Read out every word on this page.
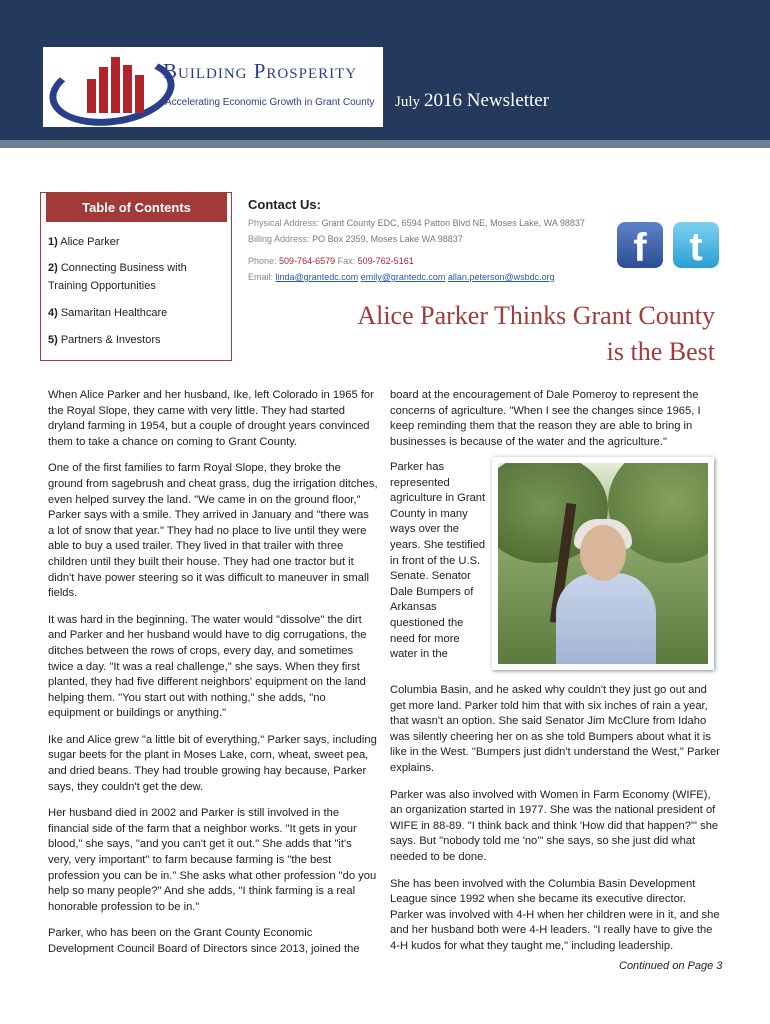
Building Prosperity
Accelerating Economic Growth in Grant County July 2016 Newsletter
Table of Contents
1) Alice Parker
2) Connecting Business with Training Opportunities
4) Samaritan Healthcare
5) Partners & Investors
Contact Us:
Physical Address: Grant County EDC, 6594 Patton Blvd NE, Moses Lake, WA 98837
Billing Address: PO Box 2359, Moses Lake WA 98837
Phone: 509-764-6579 Fax: 509-762-5161
Email: linda@grantedc.com emily@grantedc.com allan.peterson@wsbdc.org
f	t
Alice Parker Thinks Grant County
is the Best

When Alice Parker and her husband, Ike, left Colorado in 1965 for the Royal Slope, they came with very little. They had started dryland farming in 1954, but a couple of drought years convinced them to take a chance on coming to Grant County.

One of the first families to farm Royal Slope, they broke the ground from sagebrush and cheat grass, dug the irrigation ditches, even helped survey the land. "We came in on the ground floor," Parker says with a smile. They arrived in January and "there was a lot of snow that year." They had no place to live until they were able to buy a used trailer. They lived in that trailer with three children until they built their house. They had one tractor but it didn't have power steering so it was difficult to maneuver in small fields.

It was hard in the beginning. The water would "dissolve" the dirt and Parker and her husband would have to dig corrugations, the ditches between the rows of crops, every day, and sometimes twice a day. "It was a real challenge," she says. When they first planted, they had five different neighbors' equipment on the land helping them. "You start out with nothing," she adds, "no equipment or buildings or anything."

Ike and Alice grew "a little bit of everything," Parker says, including sugar beets for the plant in Moses Lake, corn, wheat, sweet pea, and dried beans. They had trouble growing hay because, Parker says, they couldn't get the dew.

Her husband died in 2002 and Parker is still involved in the financial side of the farm that a neighbor works. "It gets in your blood," she says, "and you can't get it out." She adds that "it's very, very important" to farm because farming is "the best profession you can be in." She asks what other profession "do you help so many people?" And she adds, "I think farming is a real honorable profession to be in."

Parker, who has been on the Grant County Economic Development Council Board of Directors since 2013, joined the

board at the encouragement of Dale Pomeroy to represent the concerns of agriculture. "When I see the changes since 1965, I keep reminding them that the reason they are able to bring in businesses is because of the water and the agriculture."
Parker has represented agriculture in Grant County in many ways over the years. She testified in front of the U.S. Senate. Senator Dale Bumpers of Arkansas questioned the need for more water in the

Columbia Basin, and he asked why couldn't they just go out and get more land. Parker told him that with six inches of rain a year, that wasn't an option. She said Senator Jim McClure from Idaho was silently cheering her on as she told Bumpers about what it is like in the West. "Bumpers just didn't understand the West," Parker explains.

Parker was also involved with Women in Farm Economy (WIFE), an organization started in 1977. She was the national president of WIFE in 88-89. "I think back and think 'How did that happen?'" she says. But "nobody told me 'no'" she says, so she just did what needed to be done.

She has been involved with the Columbia Basin Development League since 1992 when she became its executive director. Parker was involved with 4-H when her children were in it, and she and her husband both were 4-H leaders. "I really have to give the 4-H kudos for what they taught me," including leadership.

Continued on Page 3
